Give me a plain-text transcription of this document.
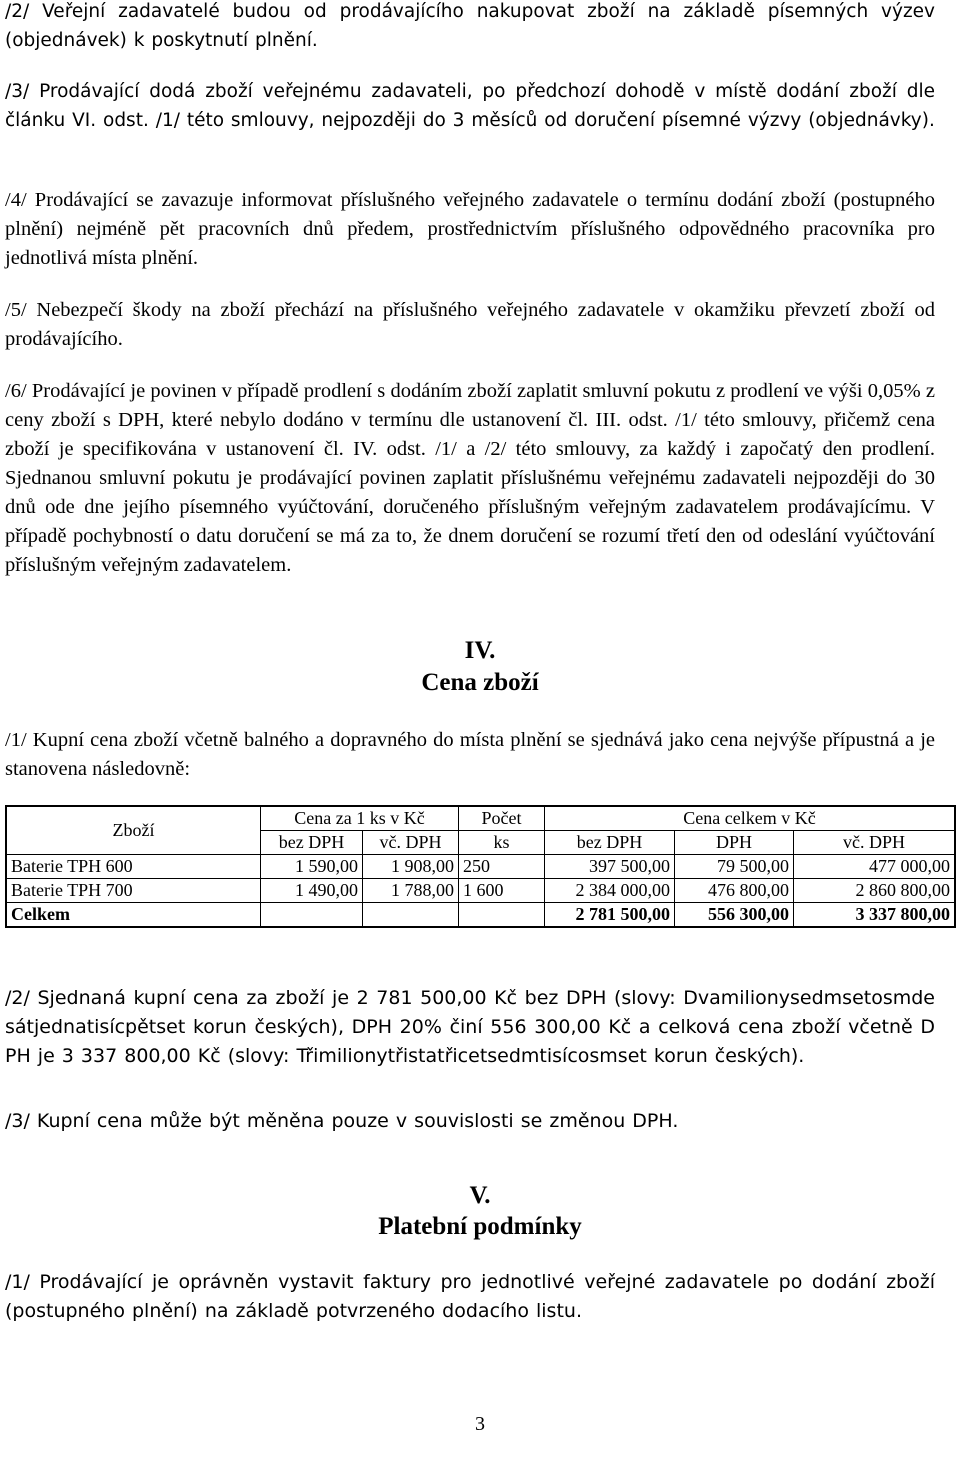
/2/ Veřejní zadavatelé budou od prodávajícího nakupovat zboží na základě písemných výzev (objednávek) k poskytnutí plnění.

/3/ Prodávající dodá zboží veřejnému zadavateli, po předchozí dohodě v místě dodání zboží dle článku VI. odst. /1/ této smlouvy, nejpozději do 3 měsíců od doručení písemné výzvy (objednávky).

/4/ Prodávající se zavazuje informovat příslušného veřejného zadavatele o termínu dodání zboží (postupného plnění) nejméně pět pracovních dnů předem, prostřednictvím příslušného odpovědného pracovníka pro jednotlivá místa plnění.

/5/ Nebezpečí škody na zboží přechází na příslušného veřejného zadavatele v okamžiku převzetí zboží od prodávajícího.

/6/ Prodávající je povinen v případě prodlení s dodáním zboží zaplatit smluvní pokutu z prodlení ve výši 0,05% z ceny zboží s DPH, které nebylo dodáno v termínu dle ustanovení čl. III. odst. /1/ této smlouvy, přičemž cena zboží je specifikována v ustanovení čl. IV. odst. /1/ a /2/ této smlouvy, za každý i započatý den prodlení. Sjednanou smluvní pokutu je prodávající povinen zaplatit příslušnému veřejnému zadavateli nejpozději do 30 dnů ode dne jejího písemného vyúčtování, doručeného příslušným veřejným zadavatelem prodávajícímu. V případě pochybností o datu doručení se má za to, že dnem doručení se rozumí třetí den od odeslání vyúčtování příslušným veřejným zadavatelem.

IV.
Cena zboží

/1/ Kupní cena zboží včetně balného a dopravného do místa plnění se sjednává jako cena nejvýše přípustná a je stanovena následovně:

Zboží	Cena za 1 ks v Kč		Počet	Cena celkem v Kč		
	bez DPH	vč. DPH	ks	bez DPH	DPH	vč. DPH
Baterie TPH 600	1 590,00	1 908,00	250	397 500,00	79 500,00	477 000,00
Baterie TPH 700	1 490,00	1 788,00	1 600	2 384 000,00	476 800,00	2 860 800,00
Celkem				2 781 500,00	556 300,00	3 337 800,00

/2/ Sjednaná kupní cena za zboží je 2 781 500,00 Kč bez DPH (slovy: Dvamilionysedmsetosmdesátjednatisícpětset korun českých), DPH 20% činí 556 300,00 Kč a celková cena zboží včetně DPH je 3 337 800,00 Kč (slovy: Třimilionytřistatřicetsedmtisícosmset korun českých).

/3/ Kupní cena může být měněna pouze v souvislosti se změnou DPH.

V.
Platební podmínky

/1/ Prodávající je oprávněn vystavit faktury pro jednotlivé veřejné zadavatele po dodání zboží (postupného plnění) na základě potvrzeného dodacího listu.

3
